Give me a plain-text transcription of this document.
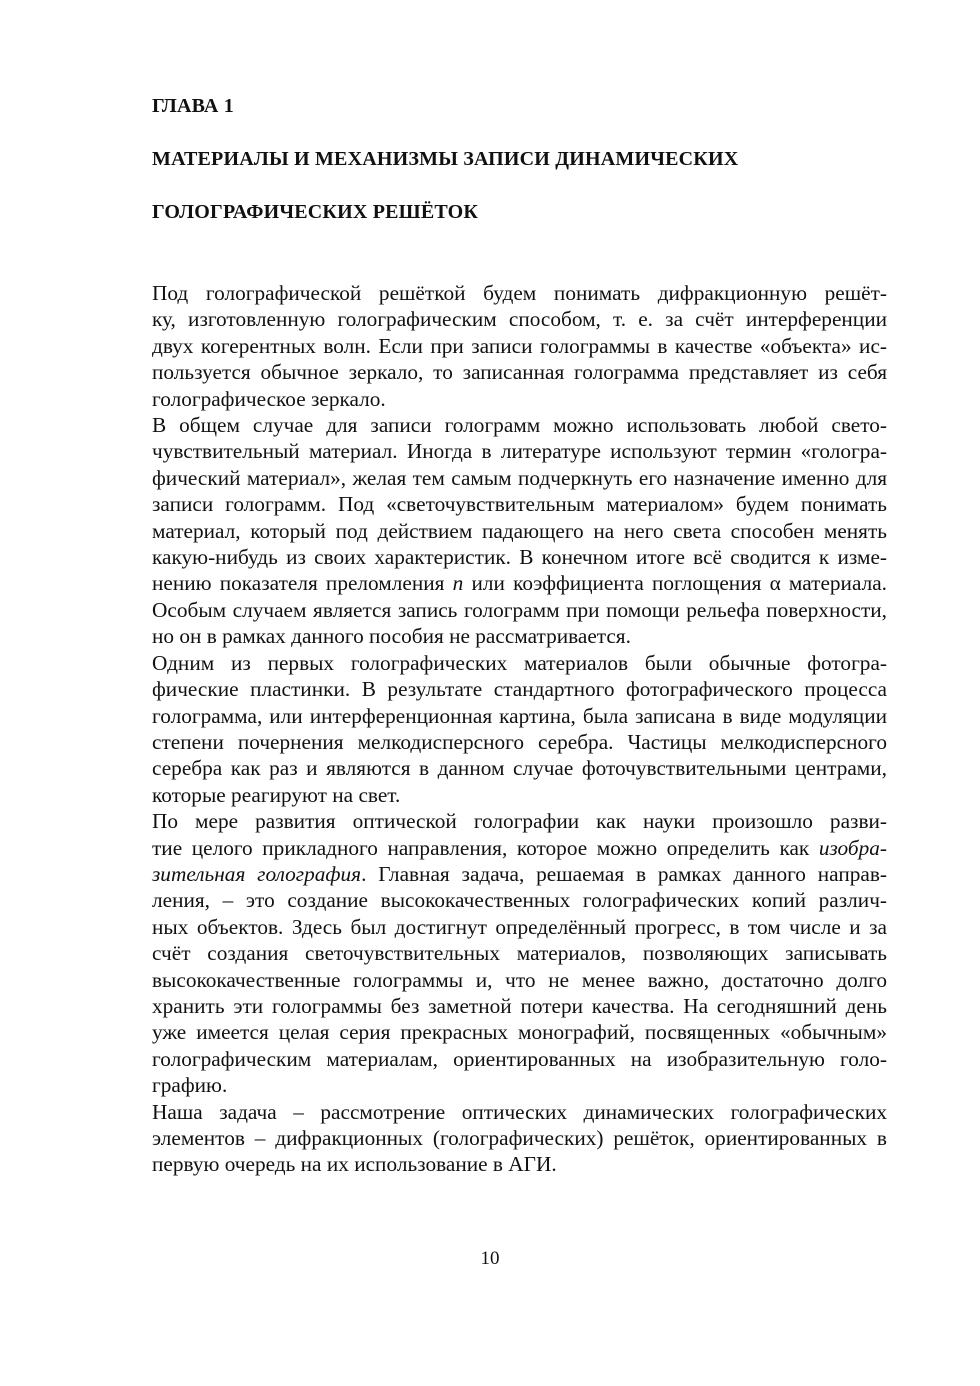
ГЛАВА 1
МАТЕРИАЛЫ И МЕХАНИЗМЫ ЗАПИСИ ДИНАМИЧЕСКИХ
ГОЛОГРАФИЧЕСКИХ РЕШЁТОК

Под голографической решёткой будем понимать дифракционную решёт-
ку, изготовленную голографическим способом, т. е. за счёт интерференции
двух когерентных волн. Если при записи голограммы в качестве «объекта» ис-
пользуется обычное зеркало, то записанная голограмма представляет из себя
голографическое зеркало.

В общем случае для записи голограмм можно использовать любой свето-
чувствительный материал. Иногда в литературе используют термин «гологра-
фический материал», желая тем самым подчеркнуть его назначение именно для
записи голограмм. Под «светочувствительным материалом» будем понимать
материал, который под действием падающего на него света способен менять
какую-нибудь из своих характеристик. В конечном итоге всё сводится к изме-
нению показателя преломления n или коэффициента поглощения α материала.
Особым случаем является запись голограмм при помощи рельефа поверхности,
но он в рамках данного пособия не рассматривается.

Одним из первых голографических материалов были обычные фотогра-
фические пластинки. В результате стандартного фотографического процесса
голограмма, или интерференционная картина, была записана в виде модуляции
степени почернения мелкодисперсного серебра. Частицы мелкодисперсного
серебра как раз и являются в данном случае фоточувствительными центрами,
которые реагируют на свет.

По мере развития оптической голографии как науки произошло разви-
тие целого прикладного направления, которое можно определить как изобра-
зительная голография. Главная задача, решаемая в рамках данного направ-
ления, – это создание высококачественных голографических копий различ-
ных объектов. Здесь был достигнут определённый прогресс, в том числе и за
счёт создания светочувствительных материалов, позволяющих записывать
высококачественные голограммы и, что не менее важно, достаточно долго
хранить эти голограммы без заметной потери качества. На сегодняшний день
уже имеется целая серия прекрасных монографий, посвященных «обычным»
голографическим материалам, ориентированных на изобразительную голо-
графию.

Наша задача – рассмотрение оптических динамических голографических
элементов – дифракционных (голографических) решёток, ориентированных в
первую очередь на их использование в АГИ.

10
